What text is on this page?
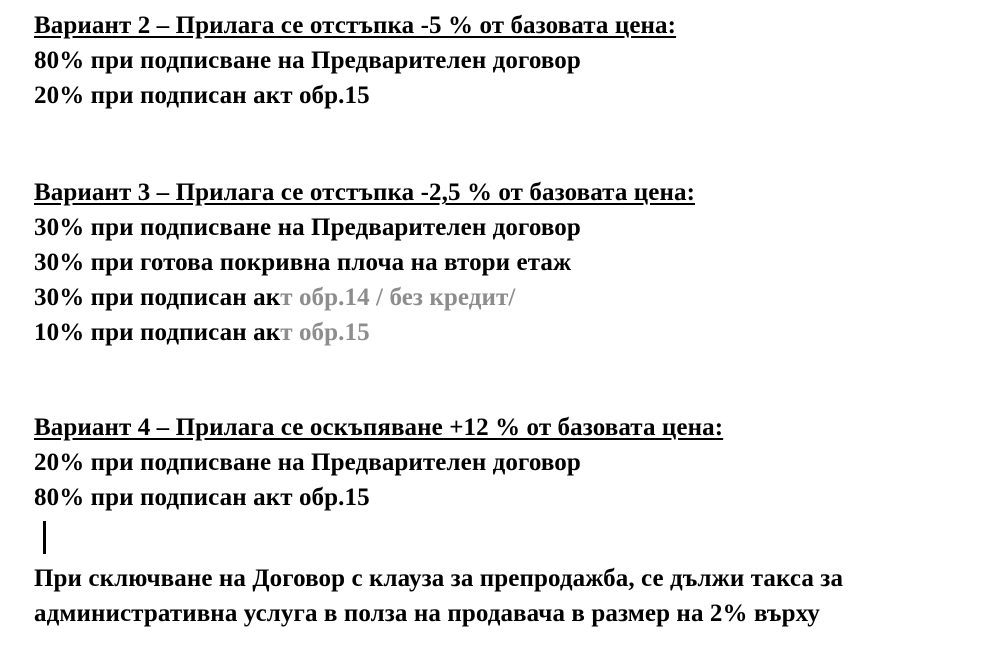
Вариант 2 – Прилага се отстъпка -5 % от базовата цена:
80% при подписване на Предварителен договор
20% при подписан акт обр.15
Вариант 3 – Прилага се отстъпка -2,5 % от базовата цена:
30% при подписване на Предварителен договор
30% при готова покривна плоча на втори етаж
30% при подписан акт обр.14 / без кредит/
10% при подписан акт обр.15
Вариант 4 – Прилага се оскъпяване +12 % от базовата цена:
20% при подписване на Предварителен договор
80% при подписан акт обр.15
При сключване на Договор с клауза за препродажба, се дължи такса за
административна услуга в полза на продавача в размер на 2% върху
